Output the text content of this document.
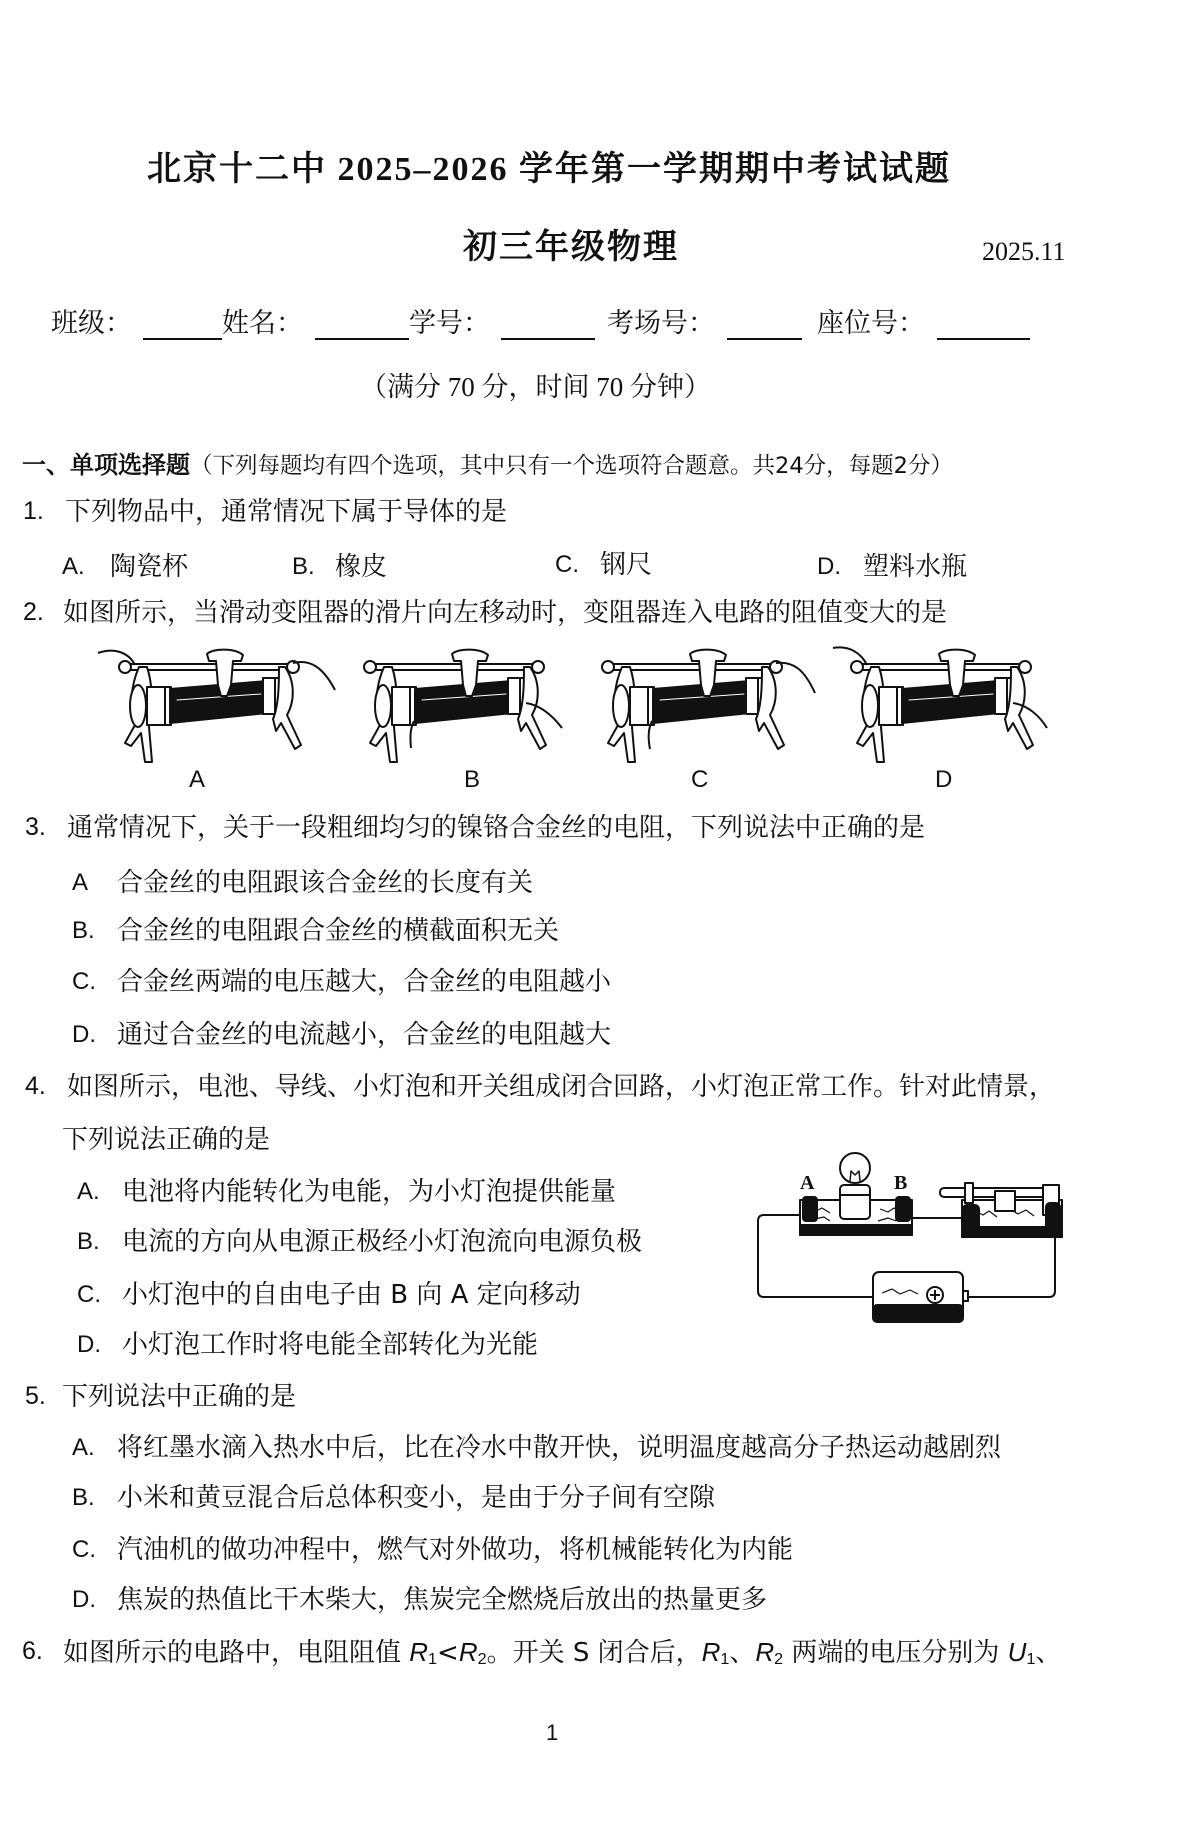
北京十二中 2025–2026 学年第一学期期中考试试题
初三年级物理	2025.11
班级：	姓名：	学号：	考场号：	座位号：
（满分 70 分，时间 70 分钟）
一、单项选择题（下列每题均有四个选项，其中只有一个选项符合题意。共24分，每题2分）
1. 下列物品中，通常情况下属于导体的是
A. 陶瓷杯	B. 橡皮	C. 钢尺	D. 塑料水瓶
2. 如图所示，当滑动变阻器的滑片向左移动时，变阻器连入电路的阻值变大的是
A	B	C	D
3. 通常情况下，关于一段粗细均匀的镍铬合金丝的电阻，下列说法中正确的是
A 合金丝的电阻跟该合金丝的长度有关
B. 合金丝的电阻跟合金丝的横截面积无关
C. 合金丝两端的电压越大，合金丝的电阻越小
D. 通过合金丝的电流越小，合金丝的电阻越大
4. 如图所示，电池、导线、小灯泡和开关组成闭合回路，小灯泡正常工作。针对此情景，
下列说法正确的是
A. 电池将内能转化为电能，为小灯泡提供能量
B. 电流的方向从电源正极经小灯泡流向电源负极
C. 小灯泡中的自由电子由 B 向 A 定向移动
D. 小灯泡工作时将电能全部转化为光能
A	B
5. 下列说法中正确的是
A. 将红墨水滴入热水中后，比在冷水中散开快，说明温度越高分子热运动越剧烈
B. 小米和黄豆混合后总体积变小，是由于分子间有空隙
C. 汽油机的做功冲程中，燃气对外做功，将机械能转化为内能
D. 焦炭的热值比干木柴大，焦炭完全燃烧后放出的热量更多
6. 如图所示的电路中，电阻阻值 R1<R2。开关 S 闭合后，R1、R2 两端的电压分别为 U1、
1
